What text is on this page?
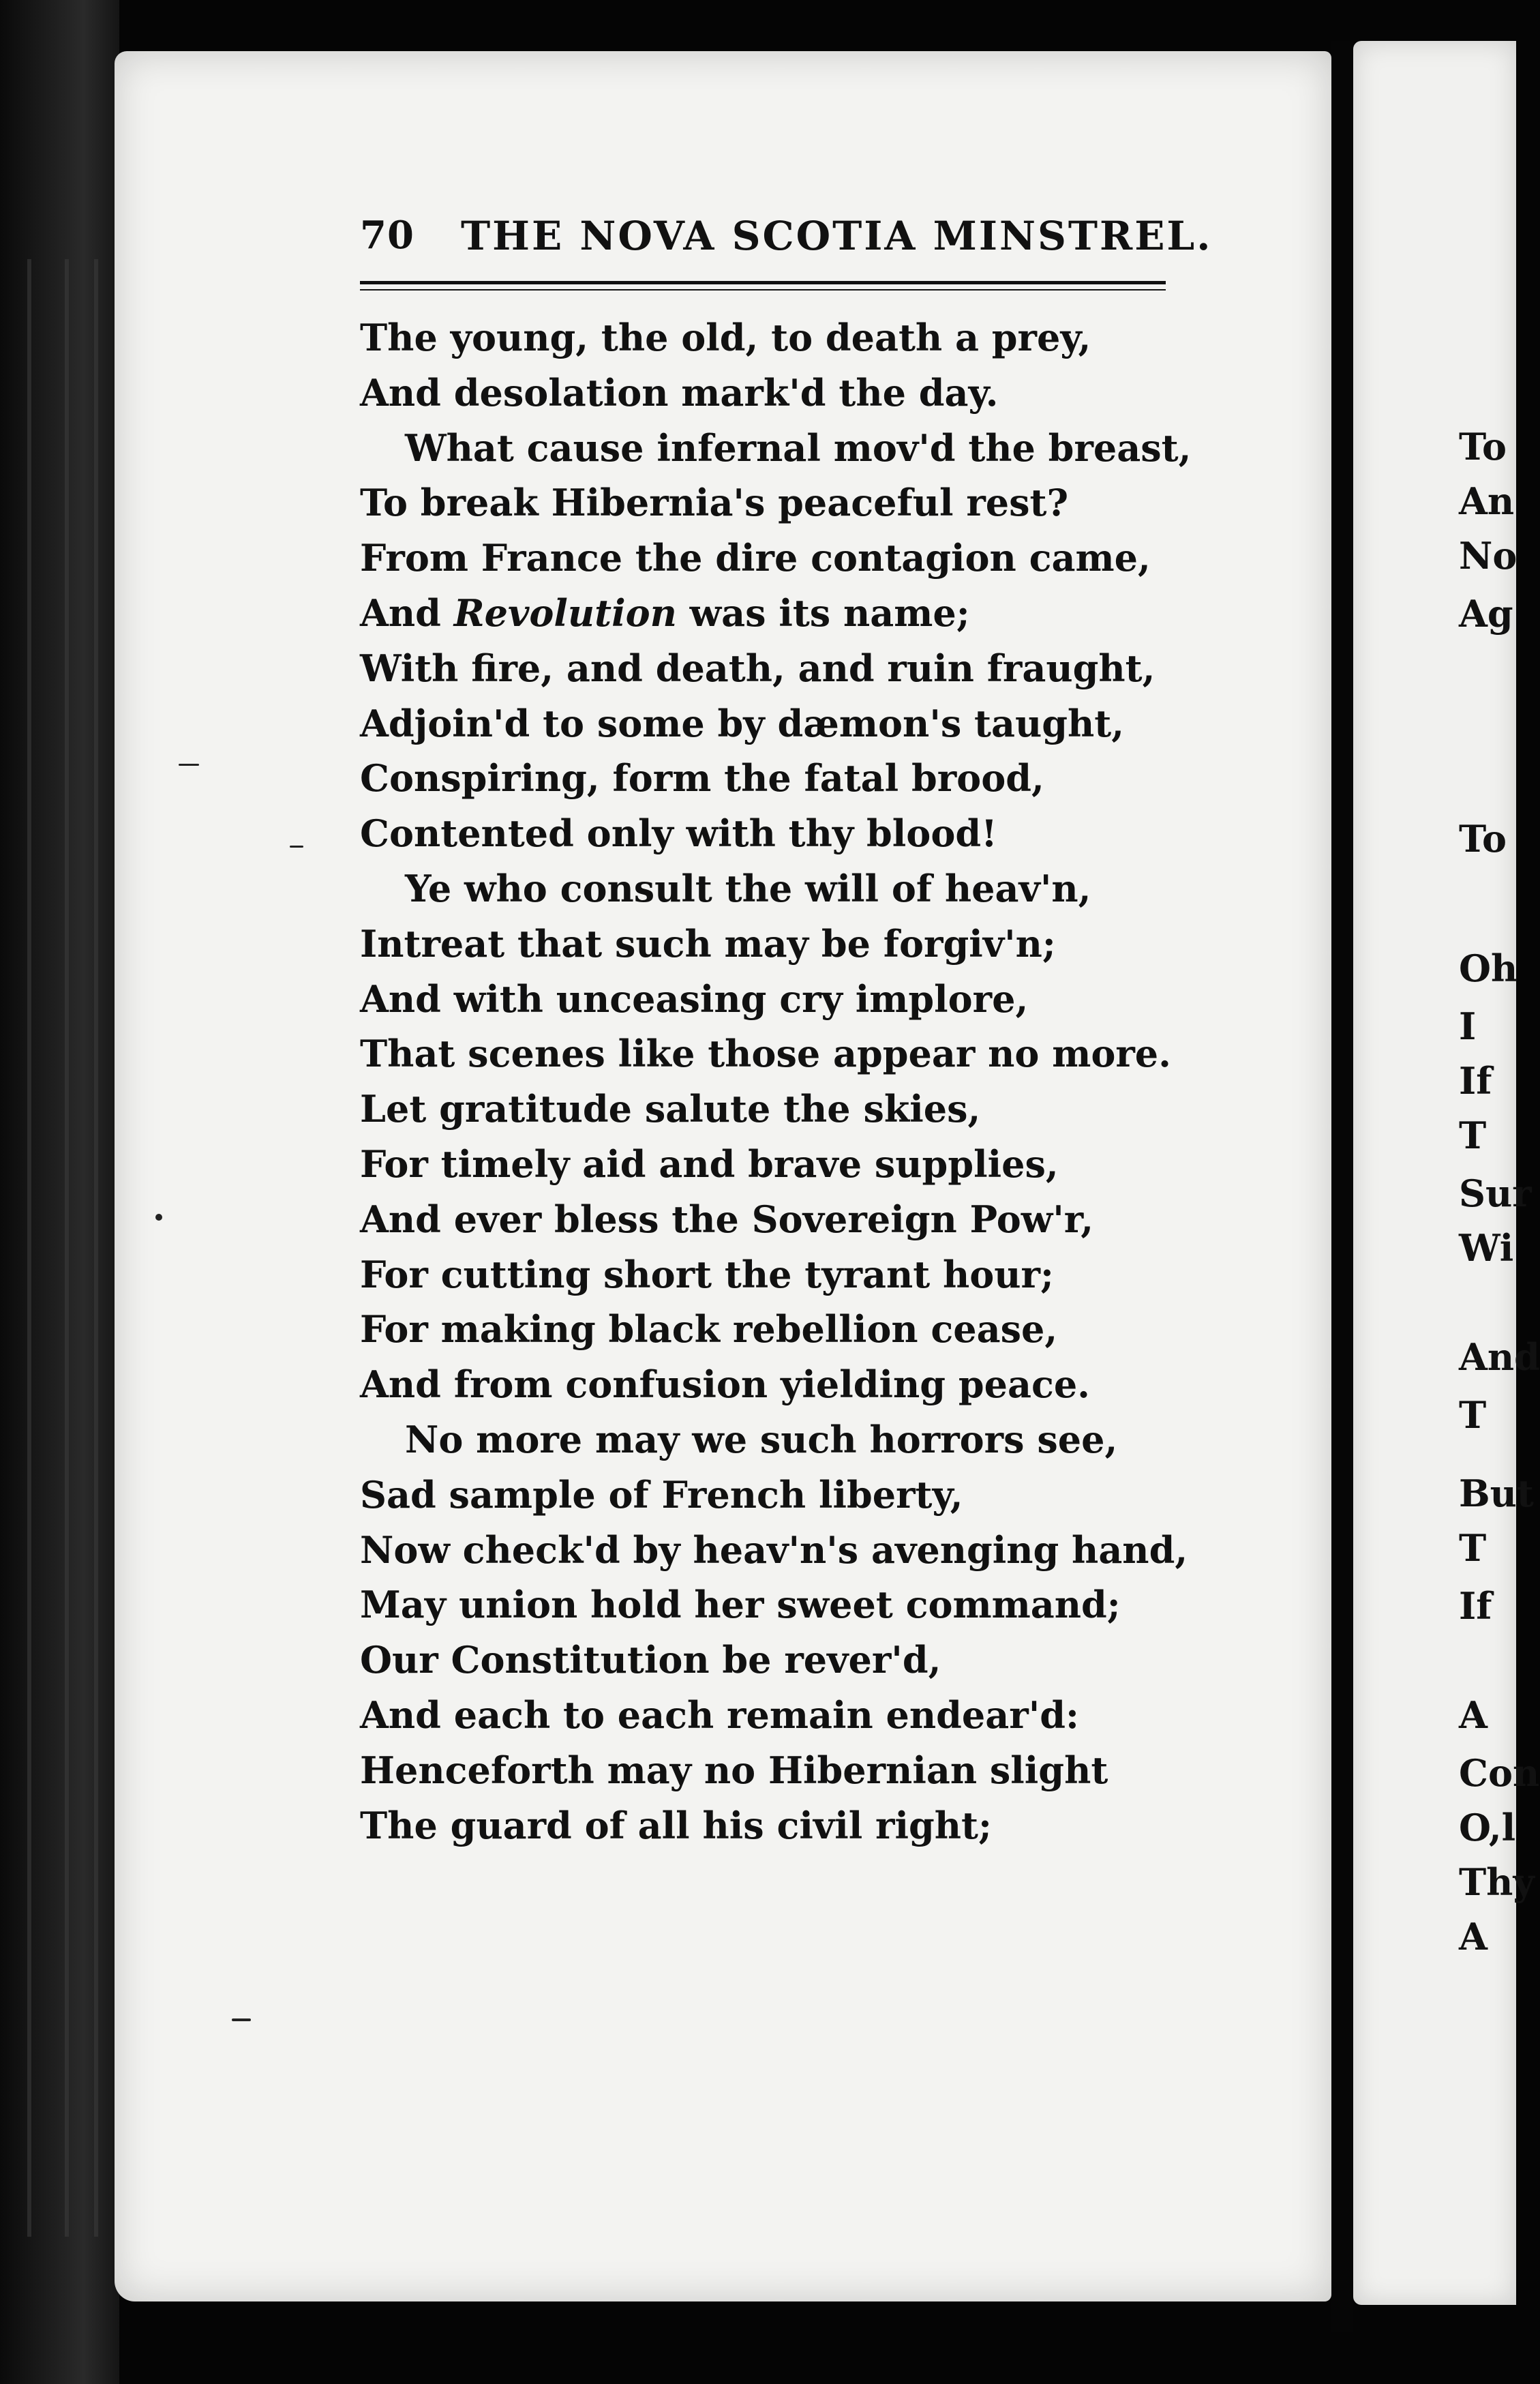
70 THE NOVA SCOTIA MINSTREL.
The young, the old, to death a prey,
And desolation mark'd the day.
What cause infernal mov'd the breast,
To break Hibernia's peaceful rest?
From France the dire contagion came,
And Revolution was its name;
With fire, and death, and ruin fraught,
Adjoin'd to some by dæmon's taught,
Conspiring, form the fatal brood,
Contented only with thy blood!
Ye who consult the will of heav'n,
Intreat that such may be forgiv'n;
And with unceasing cry implore,
That scenes like those appear no more.
Let gratitude salute the skies,
For timely aid and brave supplies,
And ever bless the Sovereign Pow'r,
For cutting short the tyrant hour;
For making black rebellion cease,
And from confusion yielding peace.
No more may we such horrors see,
Sad sample of French liberty,
Now check'd by heav'n's avenging hand,
May union hold her sweet command;
Our Constitution be rever'd,
And each to each remain endear'd:
Henceforth may no Hibernian slight
The guard of all his civil right;
To
An
No
Ag
To
Oh
I
If
T
Sur
Wi
And
T
But
T
If
A
Con
O,l
Thy
A
